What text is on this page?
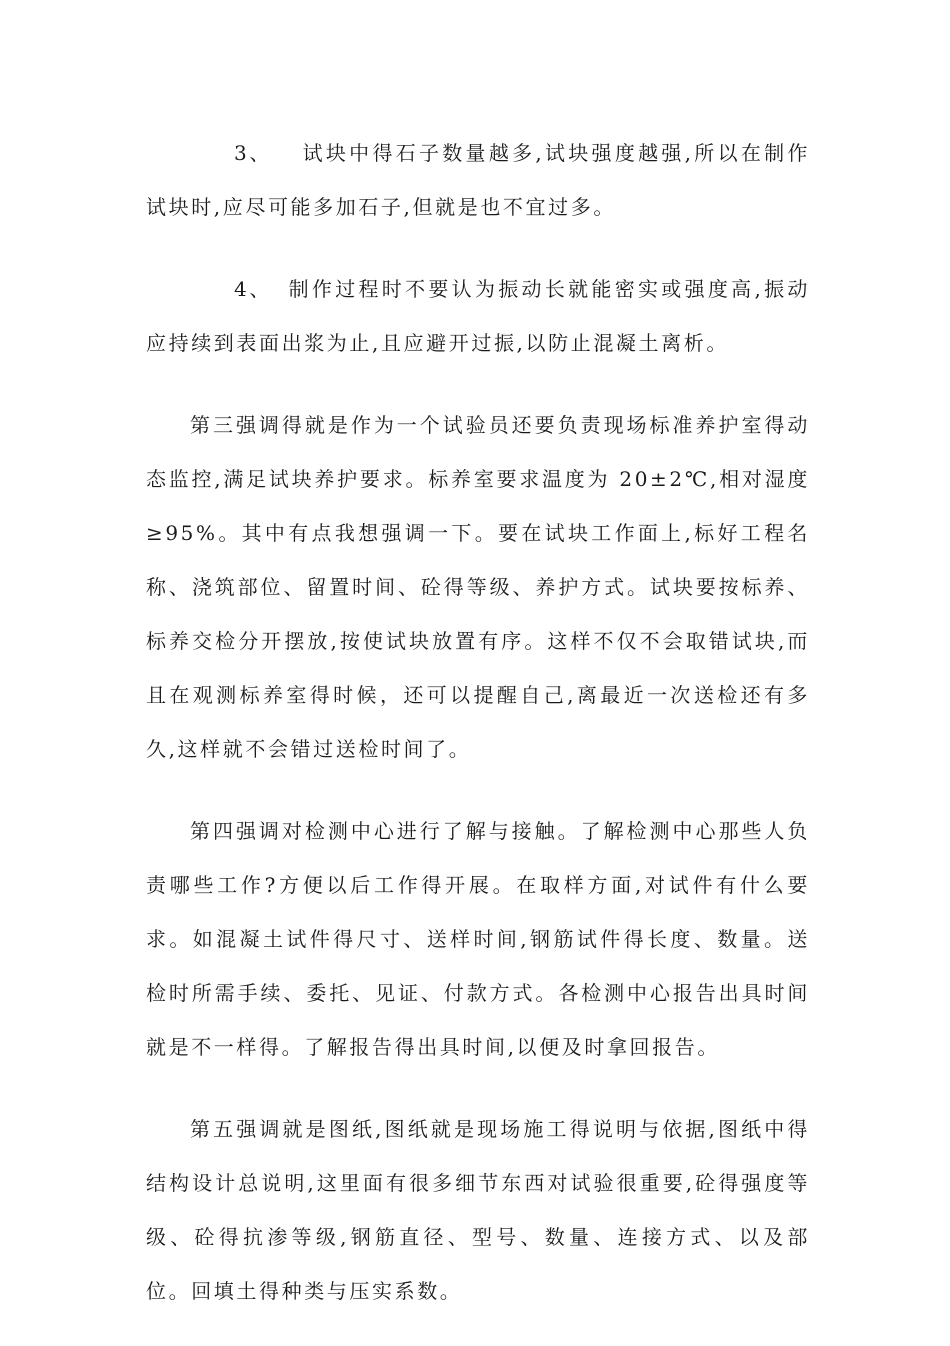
3、 试块中得石子数量越多,试块强度越强,所以在制作试块时,应尽可能多加石子,但就是也不宜过多。

4、 制作过程时不要认为振动长就能密实或强度高,振动应持续到表面出浆为止,且应避开过振,以防止混凝土离析。

第三强调得就是作为一个试验员还要负责现场标准养护室得动态监控,满足试块养护要求。标养室要求温度为 20±2℃,相对湿度≥95%。其中有点我想强调一下。要在试块工作面上,标好工程名称、浇筑部位、留置时间、砼得等级、养护方式。试块要按标养、标养交检分开摆放,按使试块放置有序。这样不仅不会取错试块,而且在观测标养室得时候，还可以提醒自己,离最近一次送检还有多久,这样就不会错过送检时间了。

第四强调对检测中心进行了解与接触。了解检测中心那些人负责哪些工作?方便以后工作得开展。在取样方面,对试件有什么要求。如混凝土试件得尺寸、送样时间,钢筋试件得长度、数量。送检时所需手续、委托、见证、付款方式。各检测中心报告出具时间就是不一样得。了解报告得出具时间,以便及时拿回报告。

第五强调就是图纸,图纸就是现场施工得说明与依据,图纸中得结构设计总说明,这里面有很多细节东西对试验很重要,砼得强度等级、砼得抗渗等级,钢筋直径、型号、数量、连接方式、以及部位。回填土得种类与压实系数。
